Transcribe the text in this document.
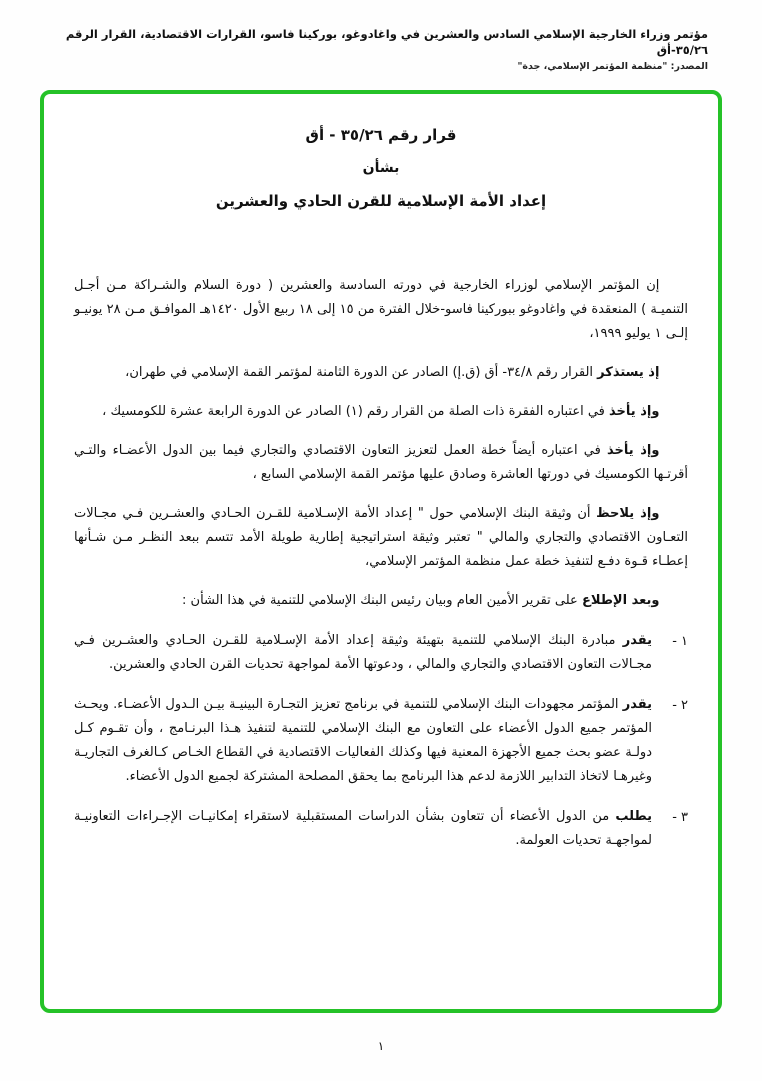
مؤتمر وزراء الخارجية الإسلامي السادس والعشرين في واغادوغو، بوركينا فاسو، القرارات الاقتصادية، القرار الرقم ٣٥/٢٦-أق
المصدر: "منظمة المؤتمر الإسلامي، جدة"
قرار رقم ٣٥/٢٦ - أق
بشأن
إعداد الأمة الإسلامية للقرن الحادي والعشرين

إن المؤتمر الإسلامي لوزراء الخارجية في دورته السادسة والعشرين ( دورة السلام والشـراكة مـن أجـل التنميـة ) المنعقدة في واغادوغو ببوركينا فاسو-خلال الفترة من ١٥ إلى ١٨ ربيع الأول ١٤٢٠هـ الموافـق مـن ٢٨ يونيـو إلـى ١ يوليو ١٩٩٩،

إذ يستذكر القرار رقم ٣٤/٨- أق (ق.إ) الصادر عن الدورة الثامنة لمؤتمر القمة الإسلامي في طهران،

وإذ يأخذ في اعتباره الفقرة ذات الصلة من القرار رقم (١) الصادر عن الدورة الرابعة عشرة للكومسيك ،

وإذ يأخذ في اعتباره أيضاً خطة العمل لتعزيز التعاون الاقتصادي والتجاري فيما بين الدول الأعضـاء والتـي أقرتـها الكومسيك في دورتها العاشرة وصادق عليها مؤتمر القمة الإسلامي السابع ،

وإذ يلاحظ أن وثيقة البنك الإسلامي حول " إعداد الأمة الإسـلامية للقـرن الحـادي والعشـرين فـي مجـالات التعـاون الاقتصادي والتجاري والمالي " تعتبر وثيقة استراتيجية إطارية طويلة الأمد تتسم ببعد النظـر مـن شـأنها إعطـاء قـوة دفـع لتنفيذ خطة عمل منظمة المؤتمر الإسلامي،

وبعد الإطلاع على تقرير الأمين العام وبيان رئيس البنك الإسلامي للتنمية في هذا الشأن :

١ -

يقدر مبادرة البنك الإسلامي للتنمية بتهيئة وثيقة إعداد الأمة الإسـلامية للقـرن الحـادي والعشـرين فـي مجـالات التعاون الاقتصادي والتجاري والمالي ، ودعوتها الأمة لمواجهة تحديات القرن الحادي والعشرين.

٢ -

يقدر المؤتمر مجهودات البنك الإسلامي للتنمية في برنامج تعزيز التجـارة البينيـة بيـن الـدول الأعضـاء. ويحـث المؤتمر جميع الدول الأعضاء على التعاون مع البنك الإسلامي للتنمية لتنفيذ هـذا البرنـامج ، وأن تقـوم كـل دولـة عضو بحث جميع الأجهزة المعنية فيها وكذلك الفعاليات الاقتصادية في القطاع الخـاص كـالغرف التجاريـة وغيرهـا لاتخاذ التدابير اللازمة لدعم هذا البرنامج بما يحقق المصلحة المشتركة لجميع الدول الأعضاء.

٣ -

يطلب من الدول الأعضاء أن تتعاون بشأن الدراسات المستقبلية لاستقراء إمكانيـات الإجـراءات التعاونيـة لمواجهـة تحديات العولمة.

١
